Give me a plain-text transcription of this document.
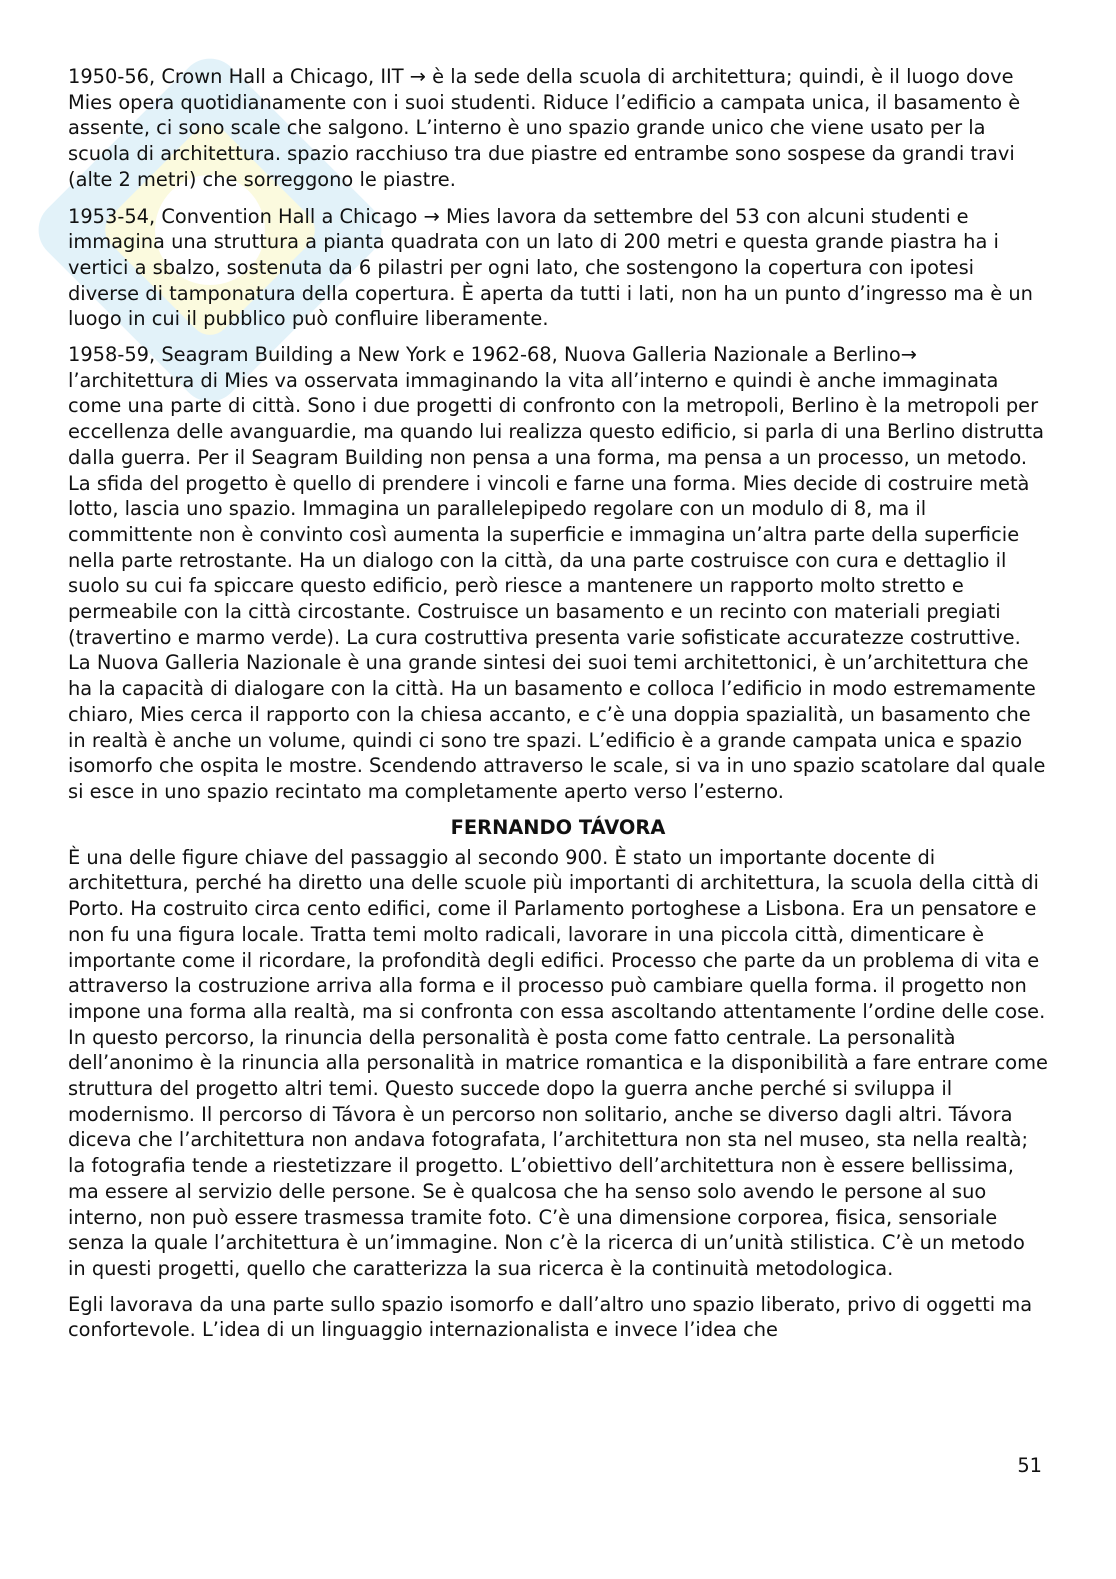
1950-56, Crown Hall a Chicago, IIT → è la sede della scuola di architettura; quindi, è il luogo dove Mies opera quotidianamente con i suoi studenti. Riduce l’edificio a campata unica, il basamento è assente, ci sono scale che salgono. L’interno è uno spazio grande unico che viene usato per la scuola di architettura. spazio racchiuso tra due piastre ed entrambe sono sospese da grandi travi (alte 2 metri) che sorreggono le piastre.

1953-54, Convention Hall a Chicago → Mies lavora da settembre del 53 con alcuni studenti e immagina una struttura a pianta quadrata con un lato di 200 metri e questa grande piastra ha i vertici a sbalzo, sostenuta da 6 pilastri per ogni lato, che sostengono la copertura con ipotesi diverse di tamponatura della copertura. È aperta da tutti i lati, non ha un punto d’ingresso ma è un luogo in cui il pubblico può confluire liberamente.

1958-59, Seagram Building a New York e 1962-68, Nuova Galleria Nazionale a Berlino→ l’architettura di Mies va osservata immaginando la vita all’interno e quindi è anche immaginata come una parte di città. Sono i due progetti di confronto con la metropoli, Berlino è la metropoli per eccellenza delle avanguardie, ma quando lui realizza questo edificio, si parla di una Berlino distrutta dalla guerra. Per il Seagram Building non pensa a una forma, ma pensa a un processo, un metodo. La sfida del progetto è quello di prendere i vincoli e farne una forma. Mies decide di costruire metà lotto, lascia uno spazio. Immagina un parallelepipedo regolare con un modulo di 8, ma il committente non è convinto così aumenta la superficie e immagina un’altra parte della superficie nella parte retrostante. Ha un dialogo con la città, da una parte costruisce con cura e dettaglio il suolo su cui fa spiccare questo edificio, però riesce a mantenere un rapporto molto stretto e permeabile con la città circostante. Costruisce un basamento e un recinto con materiali pregiati (travertino e marmo verde). La cura costruttiva presenta varie sofisticate accuratezze costruttive. La Nuova Galleria Nazionale è una grande sintesi dei suoi temi architettonici, è un’architettura che ha la capacità di dialogare con la città. Ha un basamento e colloca l’edificio in modo estremamente chiaro, Mies cerca il rapporto con la chiesa accanto, e c’è una doppia spazialità, un basamento che in realtà è anche un volume, quindi ci sono tre spazi. L’edificio è a grande campata unica e spazio isomorfo che ospita le mostre. Scendendo attraverso le scale, si va in uno spazio scatolare dal quale si esce in uno spazio recintato ma completamente aperto verso l’esterno.

FERNANDO TÁVORA

È una delle figure chiave del passaggio al secondo 900. È stato un importante docente di architettura, perché ha diretto una delle scuole più importanti di architettura, la scuola della città di Porto. Ha costruito circa cento edifici, come il Parlamento portoghese a Lisbona. Era un pensatore e non fu una figura locale. Tratta temi molto radicali, lavorare in una piccola città, dimenticare è importante come il ricordare, la profondità degli edifici. Processo che parte da un problema di vita e attraverso la costruzione arriva alla forma e il processo può cambiare quella forma. il progetto non impone una forma alla realtà, ma si confronta con essa ascoltando attentamente l’ordine delle cose. In questo percorso, la rinuncia della personalità è posta come fatto centrale. La personalità dell’anonimo è la rinuncia alla personalità in matrice romantica e la disponibilità a fare entrare come struttura del progetto altri temi. Questo succede dopo la guerra anche perché si sviluppa il modernismo. Il percorso di Távora è un percorso non solitario, anche se diverso dagli altri. Távora diceva che l’architettura non andava fotografata, l’architettura non sta nel museo, sta nella realtà; la fotografia tende a riestetizzare il progetto. L’obiettivo dell’architettura non è essere bellissima, ma essere al servizio delle persone. Se è qualcosa che ha senso solo avendo le persone al suo interno, non può essere trasmessa tramite foto. C’è una dimensione corporea, fisica, sensoriale senza la quale l’architettura è un’immagine. Non c’è la ricerca di un’unità stilistica. C’è un metodo in questi progetti, quello che caratterizza la sua ricerca è la continuità metodologica.

Egli lavorava da una parte sullo spazio isomorfo e dall’altro uno spazio liberato, privo di oggetti ma confortevole. L’idea di un linguaggio internazionalista e invece l’idea che

51
